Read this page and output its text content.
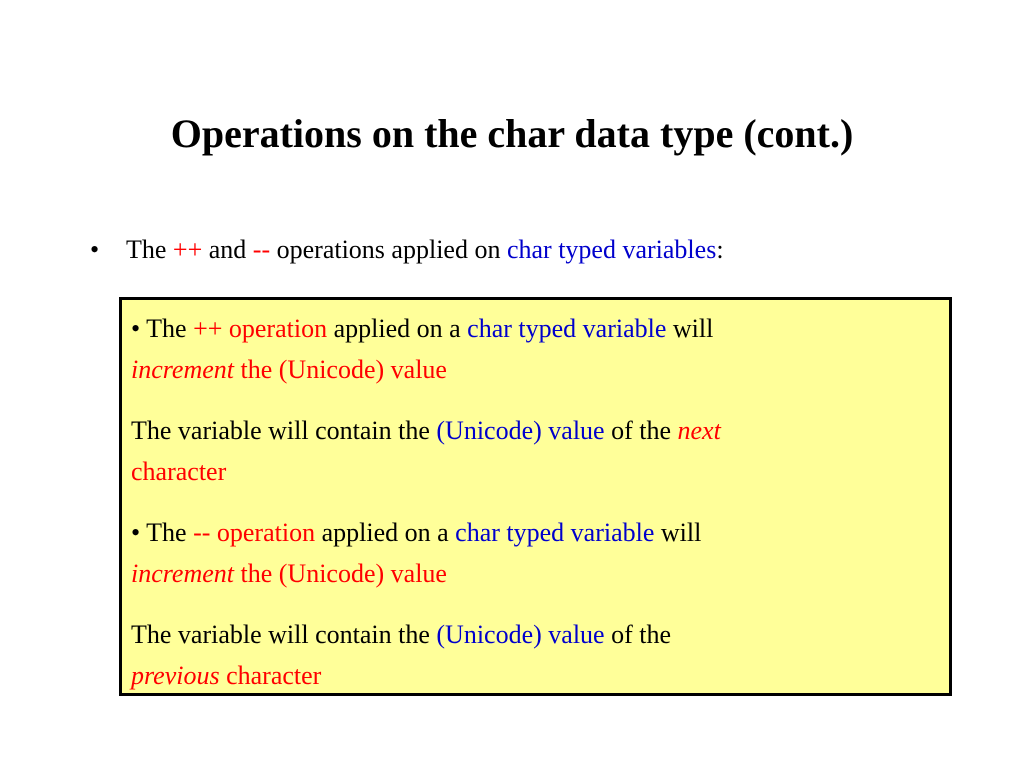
Operations on the char data type (cont.)
• The ++ and -- operations applied on char typed variables:

• The ++ operation applied on a char typed variable will
increment the (Unicode) value

The variable will contain the (Unicode) value of the next
character

• The -- operation applied on a char typed variable will
increment the (Unicode) value

The variable will contain the (Unicode) value of the
previous character
